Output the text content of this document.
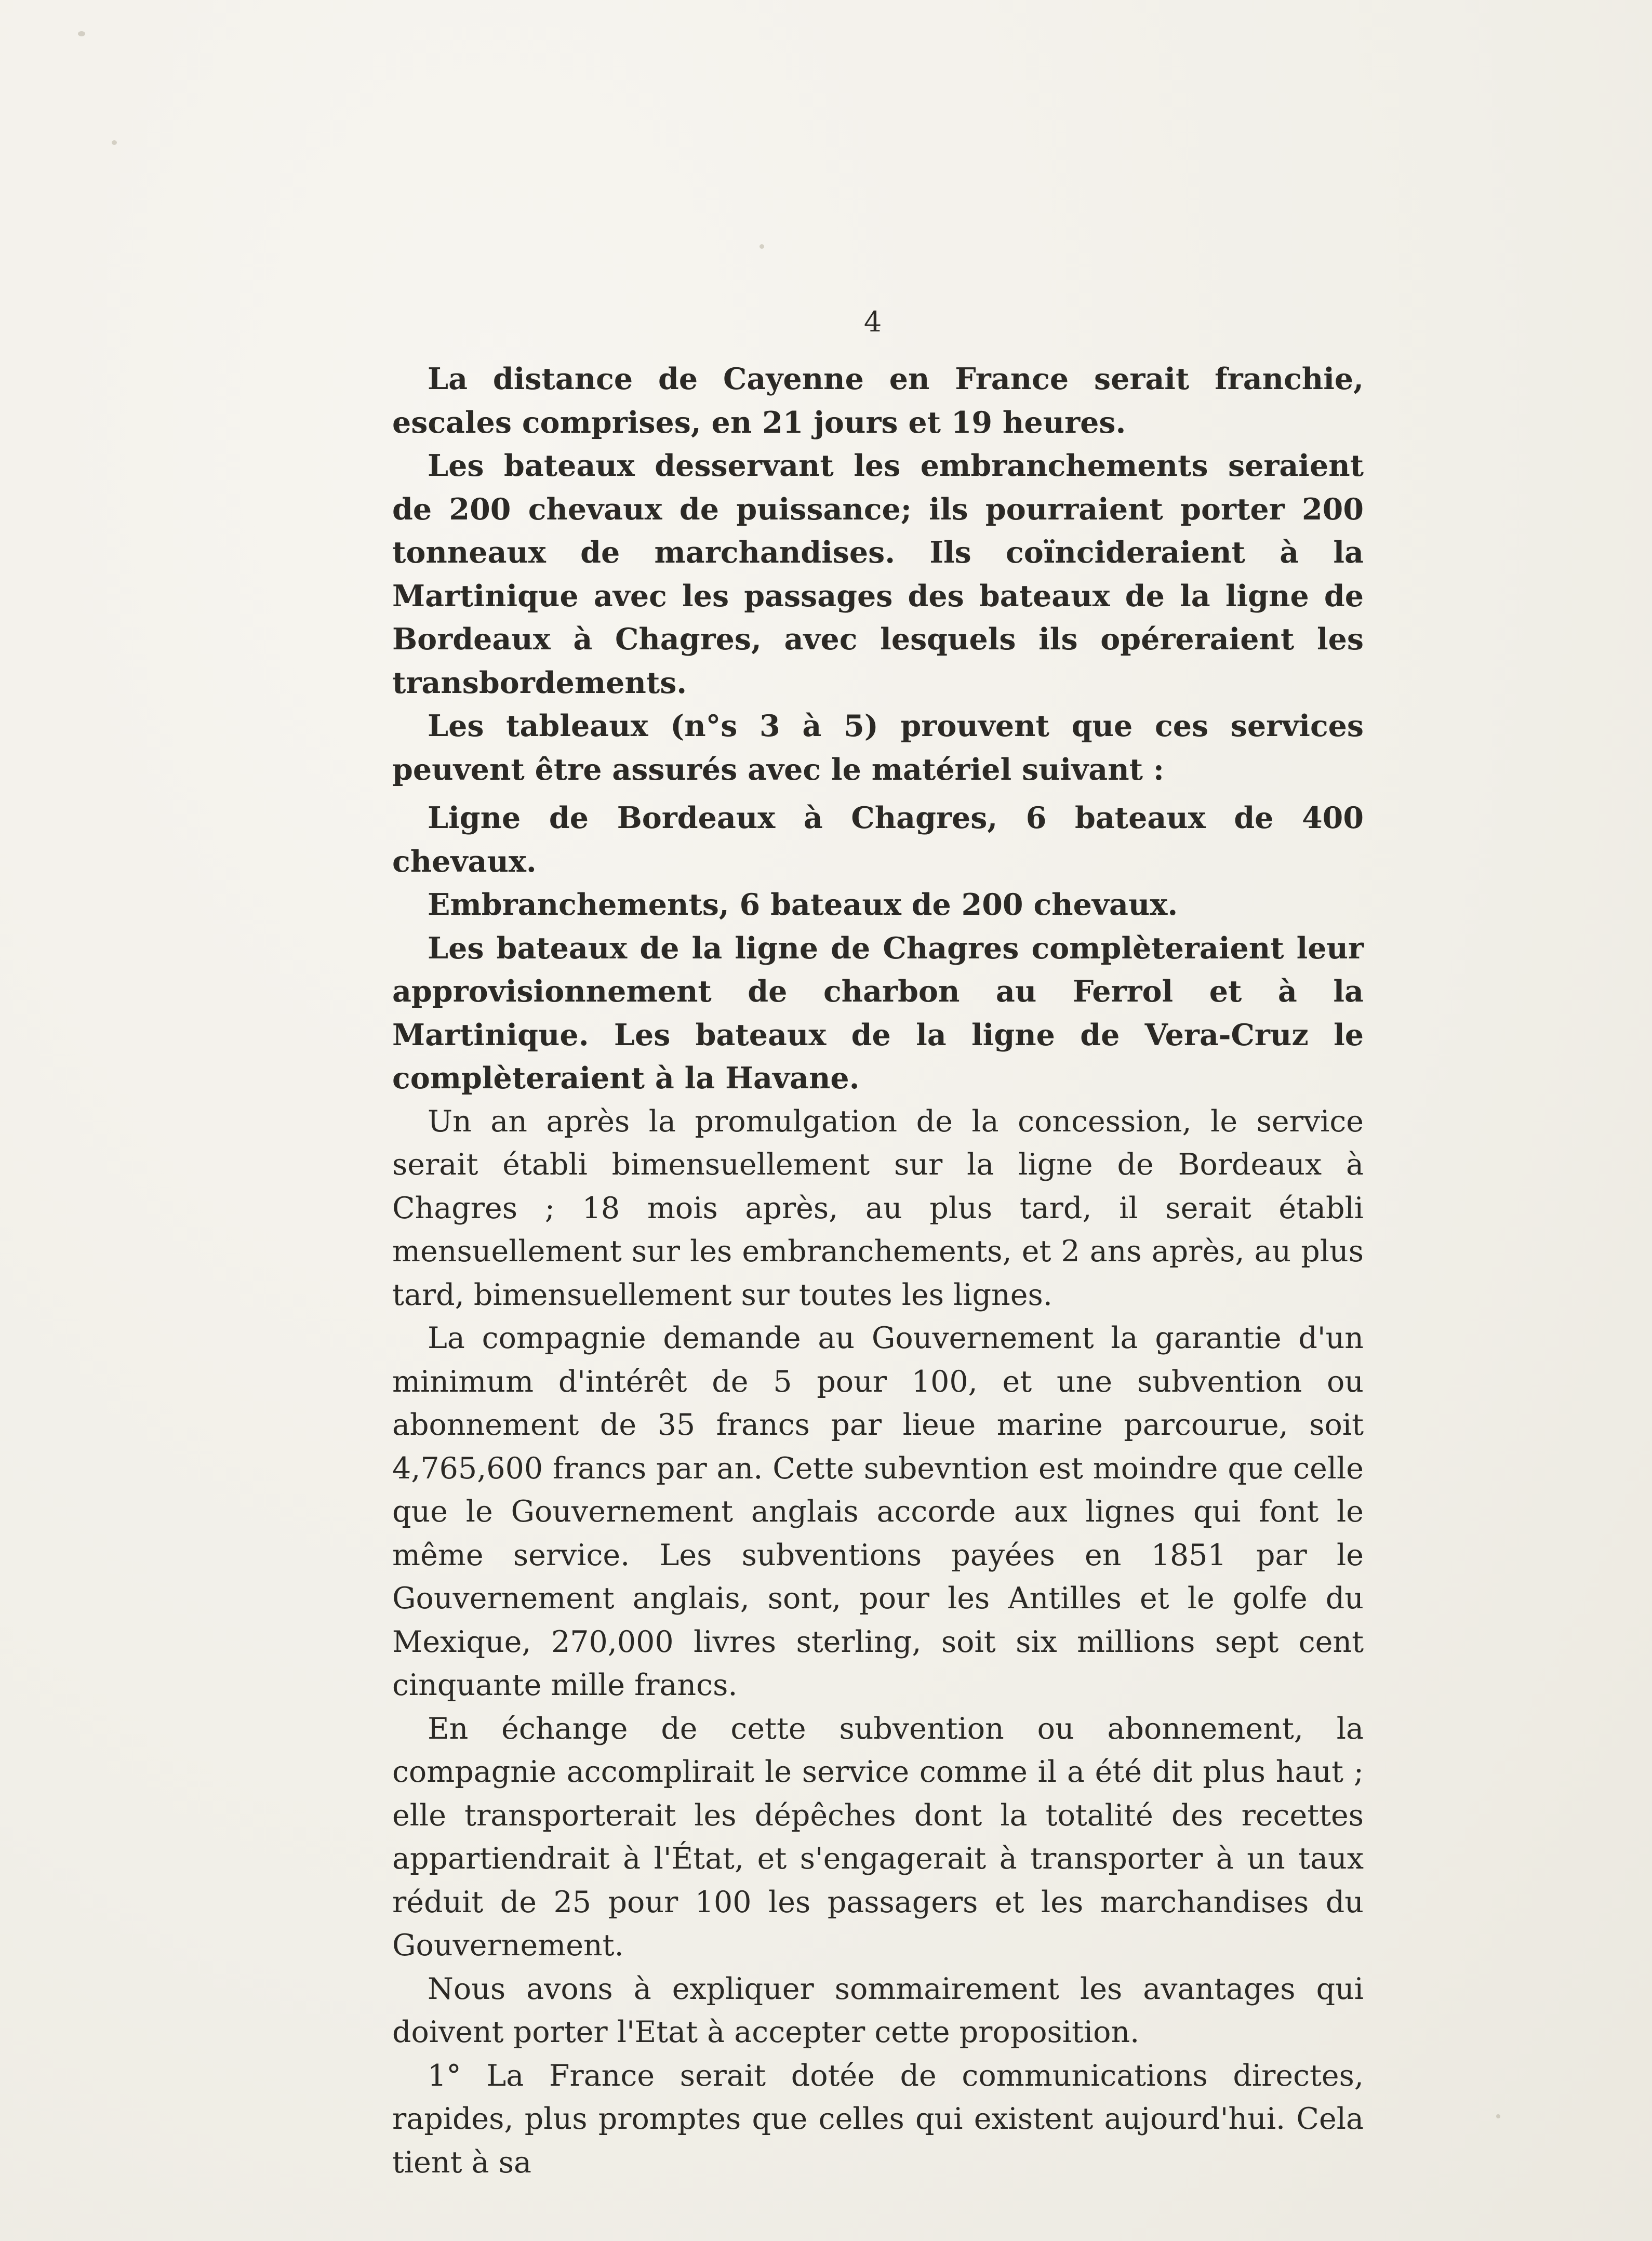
4

La distance de Cayenne en France serait franchie, escales comprises, en 21 jours et 19 heures.

Les bateaux desservant les embranchements seraient de 200 chevaux de puissance; ils pourraient porter 200 tonneaux de marchandises. Ils coïncideraient à la Martinique avec les passages des bateaux de la ligne de Bordeaux à Chagres, avec lesquels ils opéreraient les transbordements.

Les tableaux (n°s 3 à 5) prouvent que ces services peuvent être assurés avec le matériel suivant :

Ligne de Bordeaux à Chagres, 6 bateaux de 400 chevaux.

Embranchements, 6 bateaux de 200 chevaux.

Les bateaux de la ligne de Chagres complèteraient leur approvisionnement de charbon au Ferrol et à la Martinique. Les bateaux de la ligne de Vera-Cruz le complèteraient à la Havane.

Un an après la promulgation de la concession, le service serait établi bimensuellement sur la ligne de Bordeaux à Chagres ; 18 mois après, au plus tard, il serait établi mensuellement sur les embranchements, et 2 ans après, au plus tard, bimensuellement sur toutes les lignes.

La compagnie demande au Gouvernement la garantie d'un minimum d'intérêt de 5 pour 100, et une subvention ou abonnement de 35 francs par lieue marine parcourue, soit 4,765,600 francs par an. Cette subevntion est moindre que celle que le Gouvernement anglais accorde aux lignes qui font le même service. Les subventions payées en 1851 par le Gouvernement anglais, sont, pour les Antilles et le golfe du Mexique, 270,000 livres sterling, soit six millions sept cent cinquante mille francs.

En échange de cette subvention ou abonnement, la compagnie accomplirait le service comme il a été dit plus haut ; elle transporterait les dépêches dont la totalité des recettes appartiendrait à l'État, et s'engagerait à transporter à un taux réduit de 25 pour 100 les passagers et les marchandises du Gouvernement.

Nous avons à expliquer sommairement les avantages qui doivent porter l'Etat à accepter cette proposition.

1° La France serait dotée de communications directes, rapides, plus promptes que celles qui existent aujourd'hui. Cela tient à sa
